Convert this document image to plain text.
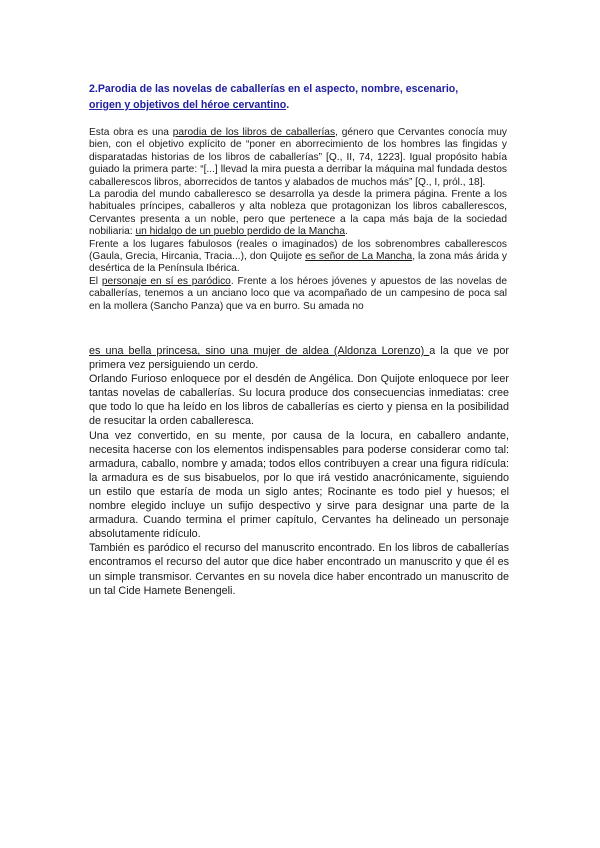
2.Parodia de las novelas de caballerías en el aspecto, nombre, escenario,
origen y objetivos del héroe cervantino.

Esta obra es una parodia de los libros de caballerías, género que Cervantes conocía muy bien, con el objetivo explícito de “poner en aborrecimiento de los hombres las fingidas y disparatadas historias de los libros de caballerías” [Q., II, 74, 1223]. Igual propósito había guiado la primera parte: “[...] llevad la mira puesta a derribar la máquina mal fundada destos caballerescos libros, aborrecidos de tantos y alabados de muchos más” [Q., I, pról., 18].

La parodia del mundo caballeresco se desarrolla ya desde la primera página. Frente a los habituales príncipes, caballeros y alta nobleza que protagonizan los libros caballerescos, Cervantes presenta a un noble, pero que pertenece a la capa más baja de la sociedad nobiliaria: un hidalgo de un pueblo perdido de la Mancha.

Frente a los lugares fabulosos (reales o imaginados) de los sobrenombres caballerescos (Gaula, Grecia, Hircania, Tracia...), don Quijote es señor de La Mancha, la zona más árida y desértica de la Península Ibérica.

El personaje en sí es paródico. Frente a los héroes jóvenes y apuestos de las novelas de caballerías, tenemos a un anciano loco que va acompañado de un campesino de poca sal en la mollera (Sancho Panza) que va en burro. Su amada no

es una bella princesa, sino una mujer de aldea (Aldonza Lorenzo) a la que ve por primera vez persiguiendo un cerdo.

Orlando Furioso enloquece por el desdén de Angélica. Don Quijote enloquece por leer tantas novelas de caballerías. Su locura produce dos consecuencias inmediatas: cree que todo lo que ha leído en los libros de caballerías es cierto y piensa en la posibilidad de resucitar la orden caballeresca.

Una vez convertido, en su mente, por causa de la locura, en caballero andante, necesita hacerse con los elementos indispensables para poderse considerar como tal: armadura, caballo, nombre y amada; todos ellos contribuyen a crear una figura ridícula: la armadura es de sus bisabuelos, por lo que irá vestido anacrónicamente, siguiendo un estilo que estaría de moda un siglo antes; Rocinante es todo piel y huesos; el nombre elegido incluye un sufijo despectivo y sirve para designar una parte de la armadura. Cuando termina el primer capítulo, Cervantes ha delineado un personaje absolutamente ridículo.

También es paródico el recurso del manuscrito encontrado. En los libros de caballerías encontramos el recurso del autor que dice haber encontrado un manuscrito y que él es un simple transmisor. Cervantes en su novela dice haber encontrado un manuscrito de un tal Cide Hamete Benengeli.
